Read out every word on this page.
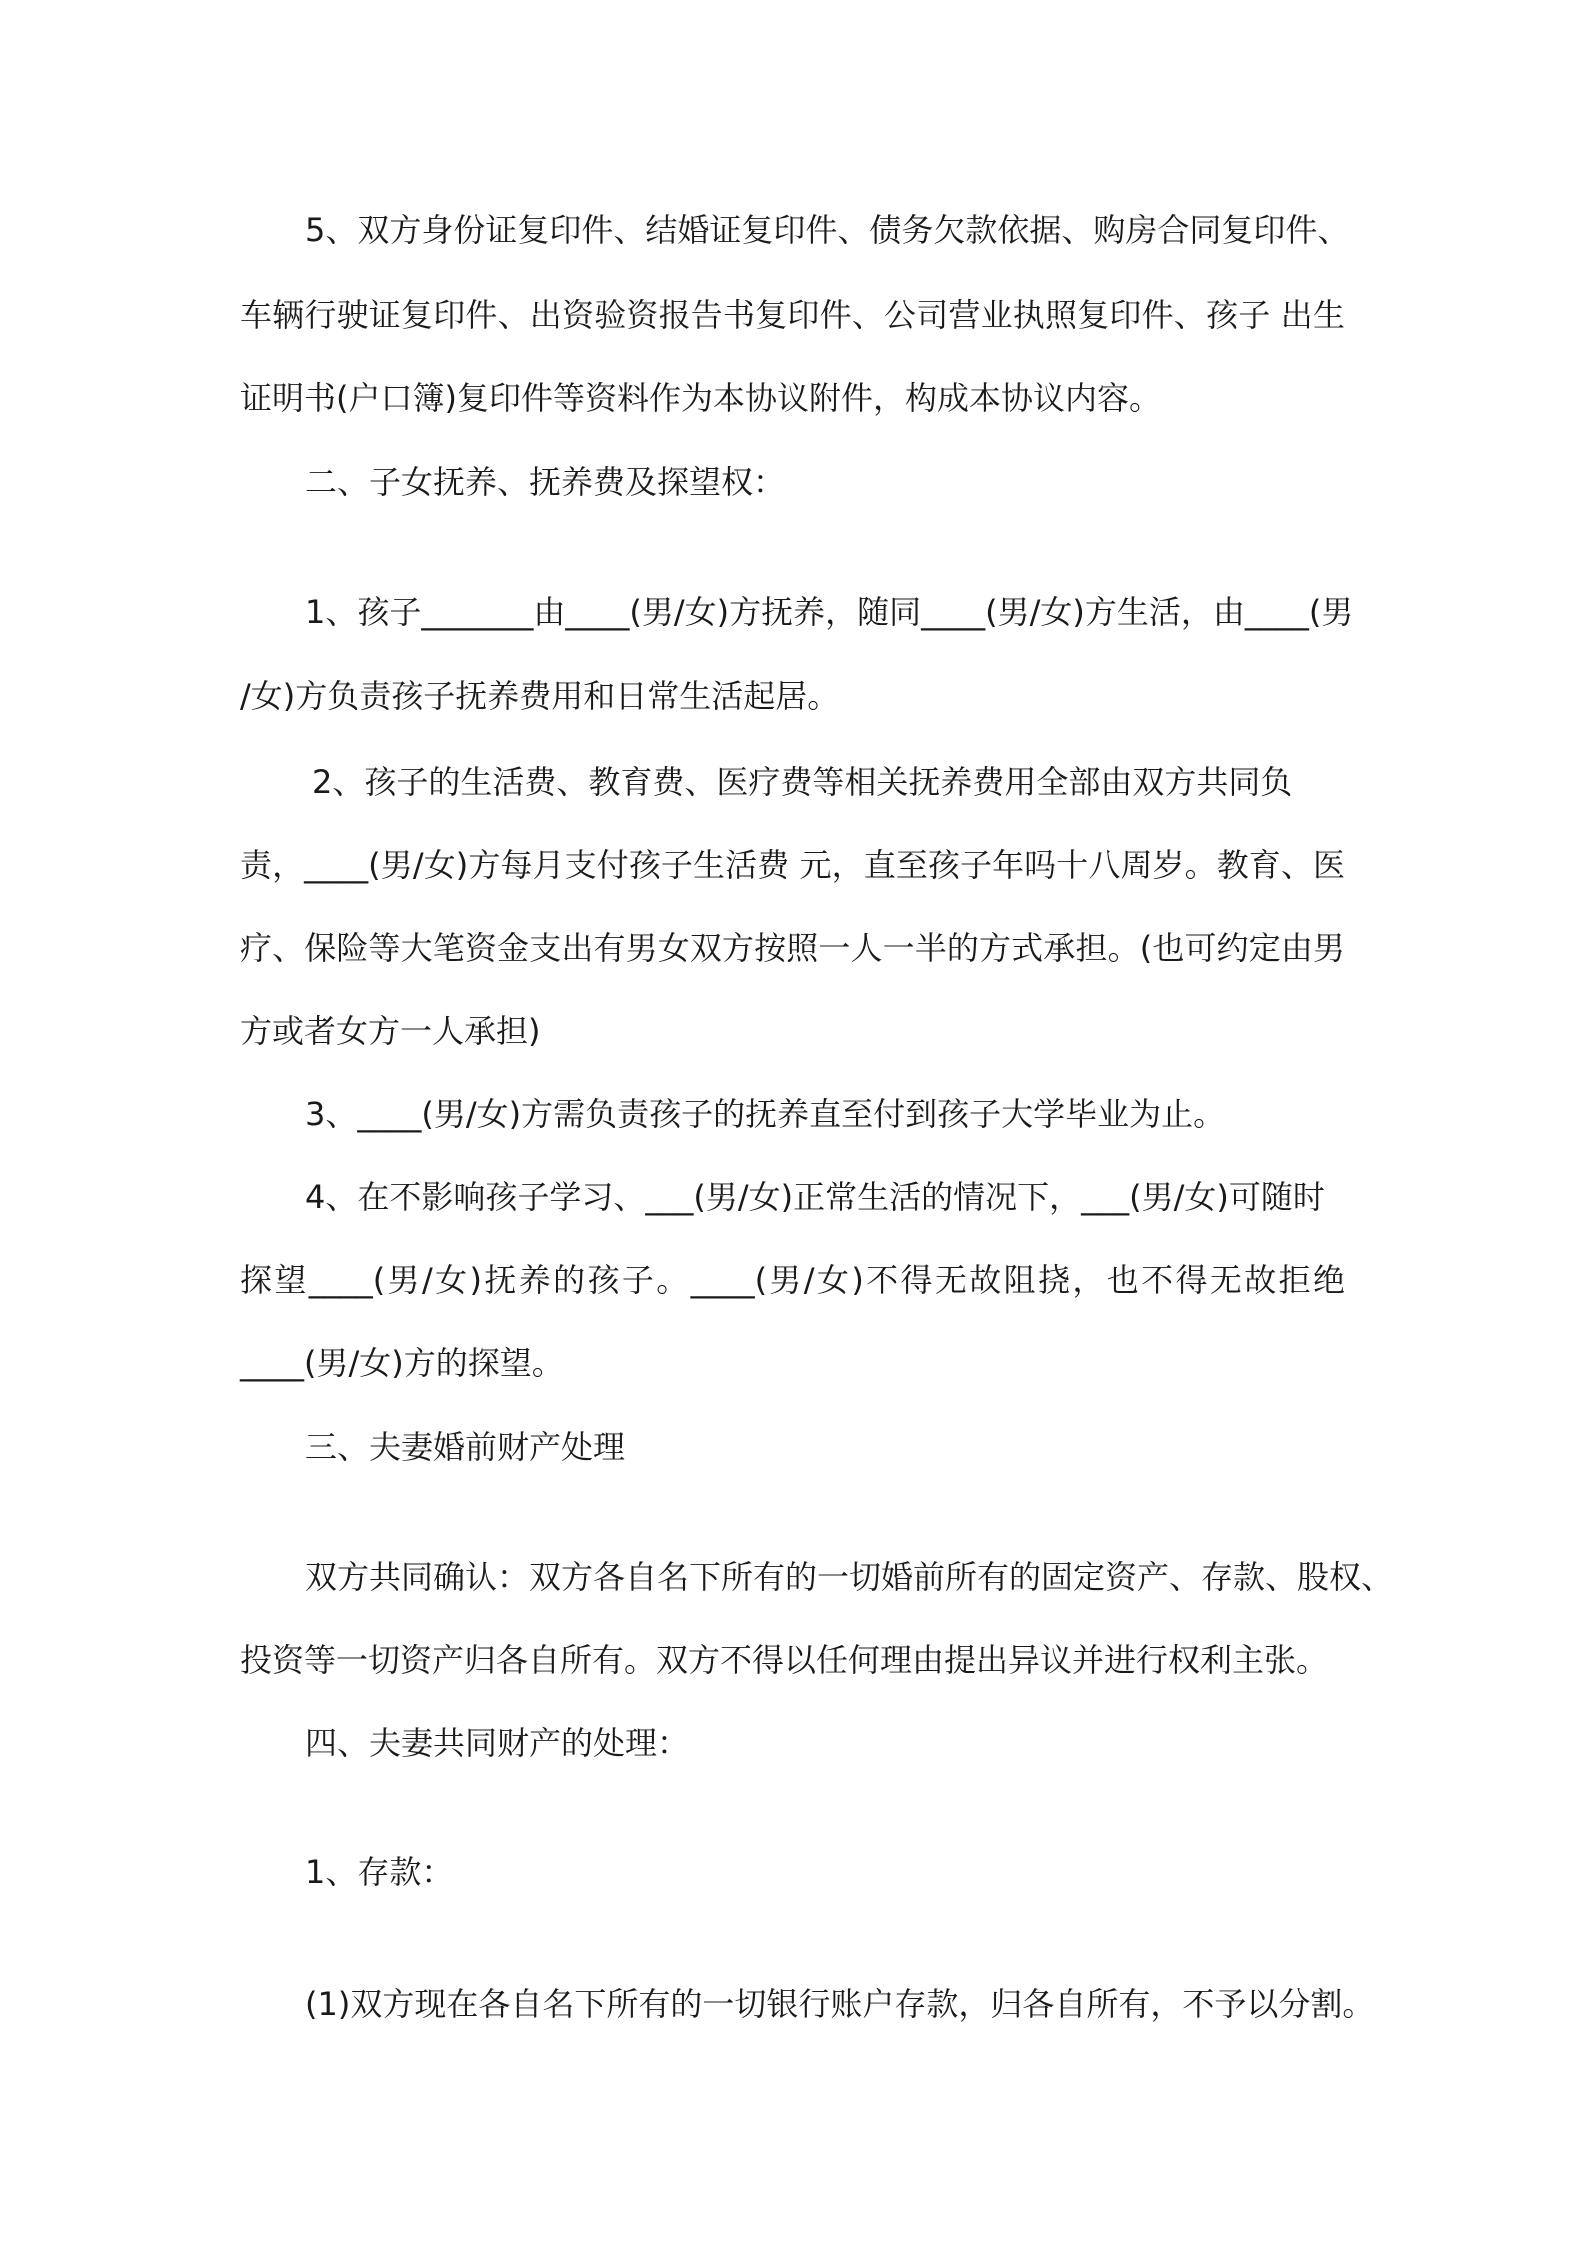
5、双方身份证复印件、结婚证复印件、债务欠款依据、购房合同复印件、
车辆行驶证复印件、出资验资报告书复印件、公司营业执照复印件、孩子 出生
证明书(户口簿)复印件等资料作为本协议附件，构成本协议内容。
二、子女抚养、抚养费及探望权：
1、孩子_______由____(男/女)方抚养，随同____(男/女)方生活，由____(男
/女)方负责孩子抚养费用和日常生活起居。
2、孩子的生活费、教育费、医疗费等相关抚养费用全部由双方共同负
责，____(男/女)方每月支付孩子生活费 元，直至孩子年吗十八周岁。教育、医
疗、保险等大笔资金支出有男女双方按照一人一半的方式承担。(也可约定由男
方或者女方一人承担)
3、____(男/女)方需负责孩子的抚养直至付到孩子大学毕业为止。
4、在不影响孩子学习、___(男/女)正常生活的情况下，___(男/女)可随时
探望____(男/女)抚养的孩子。____(男/女)不得无故阻挠，也不得无故拒绝
____(男/女)方的探望。
三、夫妻婚前财产处理
双方共同确认：双方各自名下所有的一切婚前所有的固定资产、存款、股权、
投资等一切资产归各自所有。双方不得以任何理由提出异议并进行权利主张。
四、夫妻共同财产的处理：
1、存款：
(1)双方现在各自名下所有的一切银行账户存款，归各自所有，不予以分割。
